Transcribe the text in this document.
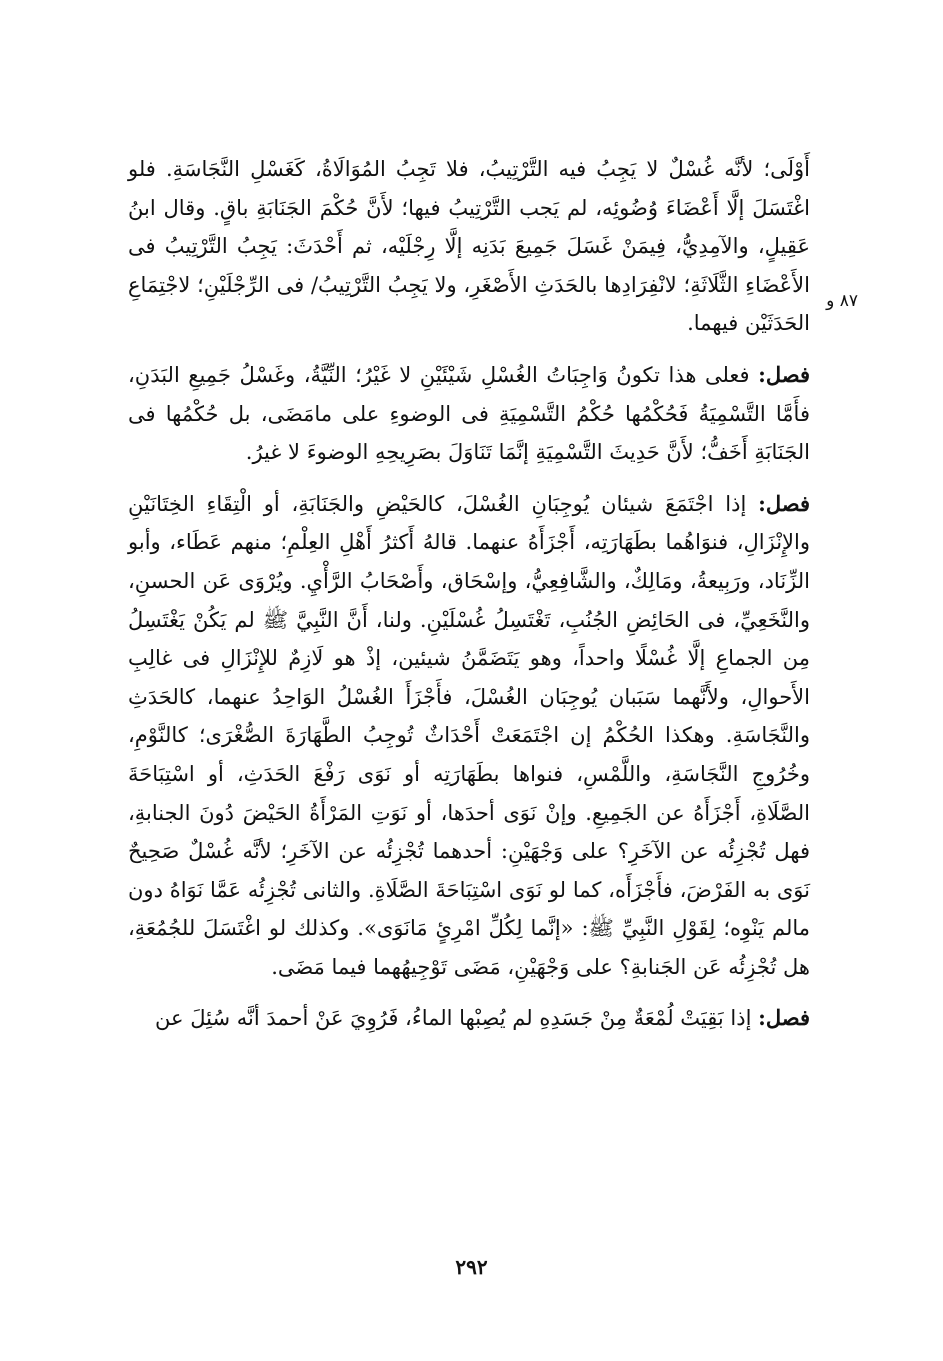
٨٧ و

أَوْلَى؛ لأنَّه غُسْلٌ لا يَجِبُ فيه التَّرْتِيبُ، فلا تَجِبُ المُوَالَاةُ، كَغَسْلِ النَّجَاسَةِ. فلو اغْتَسَلَ إلَّا أَعْضَاءَ وُضُوئِه، لم يَجب التَّرْتِيبُ فيها؛ لأَنَّ حُكْمَ الجَنَابَةِ باقٍ. وقال ابنُ عَقِيلٍ، والآمِدِيُّ، فِيمَنْ غَسَلَ جَمِيعَ بَدَنِه إلَّا رِجْلَيْه، ثم أَحْدَثَ: يَجِبُ التَّرْتِيبُ فى الأَعْضَاءِ الثَّلَاثَةِ؛ لانْفِرَادِها بالحَدَثِ الأَصْغَرِ، ولا يَجِبُ التَّرْتِيبُ/ فى الرِّجْلَيْنِ؛ لاجْتِمَاعِ الحَدَثَيْن فيهما.

فصل: فعلى هذا تكونُ وَاجِبَاتُ الغُسْلِ شَيْئَيْنِ لا غَيْرُ؛ النِّيَّةُ، وغَسْلُ جَمِيعِ البَدَنِ، فأَمَّا التَّسْمِيَةُ فَحُكْمُها حُكْمُ التَّسْمِيَةِ فى الوضوءِ على مامَضَى، بل حُكْمُها فى الجَنَابَةِ أَخَفُّ؛ لأَنَّ حَدِيثَ التَّسْمِيَةِ إنَّمَا تَنَاوَلَ بصَرِيحِهِ الوضوءَ لا غيرُ.

فصل: إذا اجْتَمَعَ شيئان يُوجِبَانِ الغُسْلَ، كالحَيْضِ والجَنَابَةِ، أو الْتِقَاءِ الخِتَانَيْنِ والإِنْزَالِ، فنوَاهُما بطَهَارَتِه، أَجْزَأَهُ عنهما. قالهُ أَكثرُ أَهْلِ العِلْمِ؛ منهم عَطَاء، وأبو الزِّنَاد، ورَبِيعةُ، ومَالِكٌ، والشَّافِعِيُّ، وإسْحَاق، وأَصْحَابُ الرَّأْيِ. ويُرْوَى عَن الحسنِ، والنَّخَعِيِّ، فى الحَائِضِ الجُنُبِ، تَغْتَسِلُ غُسْلَيْنِ. ولنا، أَنَّ النَّبِيَّ ﷺ لم يَكُنْ يَغْتَسِلُ مِن الجماعِ إلَّا غُسْلًا واحداً، وهو يَتَضَمَّنُ شيئين، إذْ هو لَازِمٌ للإِنْزَالِ فى غالِبِ الأَحوالِ، ولأَنَّهما سَبَبان يُوجِبَان الغُسْلَ، فأَجْزَأَ الغُسْلُ الوَاحِدُ عنهما، كالحَدَثِ والنَّجَاسَةِ. وهكذا الحُكْمُ إن اجْتَمَعَتْ أَحْدَاثٌ تُوجِبُ الطَّهَارَةَ الصُّغْرَى؛ كالنَّوْمِ، وخُرُوجِ النَّجَاسَةِ، واللَّمْسِ، فنواها بطَهَارَتِه أو نَوَى رَفْعَ الحَدَثِ، أو اسْتِبَاحَةَ الصَّلَاةِ، أَجْزَأَهُ عن الجَمِيعِ. وإنْ نَوَى أحدَها، أو نَوَتِ المَرْأَةُ الحَيْضَ دُونَ الجنابةِ، فهل تُجْزِئُه عن الآخَرِ؟ على وَجْهَيْنِ: أحدهما تُجْزِئُه عن الآخَرِ؛ لأنَّه غُسْلٌ صَحِيحٌ نَوَى به الفَرْضَ، فأَجْزَأَه، كما لو نَوَى اسْتِبَاحَةَ الصَّلَاةِ. والثانى تُجْزِئُه عَمَّا نَوَاهُ دون مالم يَنْوِه؛ لِقَوْلِ النَّبِيِّ ﷺ: «إنَّما لِكُلِّ امْرِئٍ مَانَوَى». وكذلك لو اغْتَسَلَ للجُمُعَةِ، هل تُجْزِئُه عَن الجَنابةِ؟ على وَجْهَيْنِ، مَضَى تَوْجِيهُهما فيما مَضَى.

فصل: إذا بَقِيَتْ لُمْعَةٌ مِنْ جَسَدِهِ لم يُصِبْها الماءُ، فَرُوِيَ عَنْ أحمدَ أنَّه سُئِلَ عن

٢٩٢
